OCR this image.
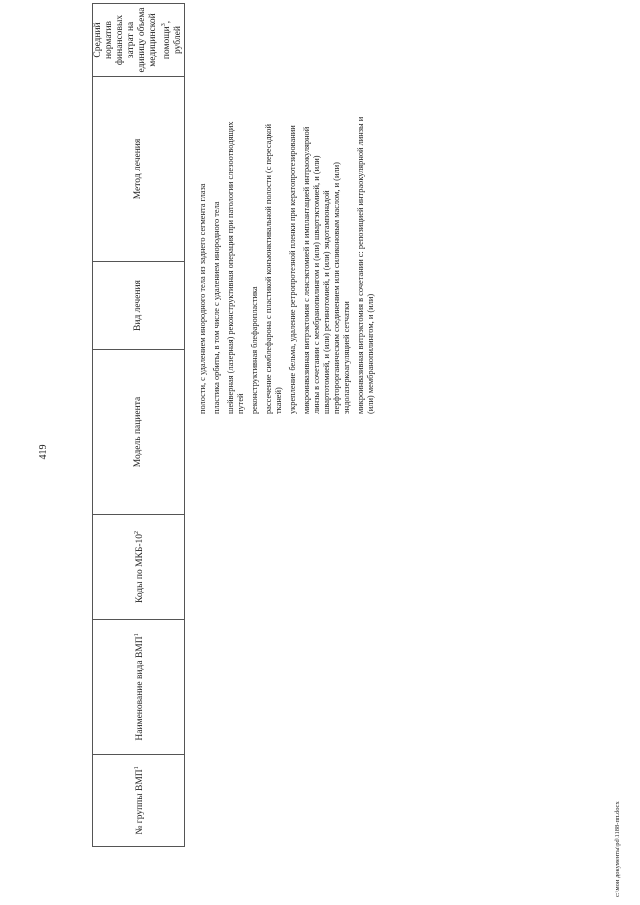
419
№ группы ВМП$^1$	Наименование вида ВМП$^1$	Коды по МКБ-$10^2$	Модель пациента	Вид лечения	Метод лечения	Средний норматив финансовых затрат на единицу объема медицинской помощи$^3$, рублей

полости, с удалением инородного тела из заднего сегмента глаза пластика орбиты, в том числе с удалением инородного тела шейверная (лазерная) реконструктивная операция при патологии слезоотводящих путей реконструктивная блефаропластика рассечение симблефарона с пластикой конъюнктивальной полости (с пересадкой тканей) укрепление бельма, удаление ретропротезной пленки при кератопротезировании микроинвазивная витрэктомия с ленсэктомией и имплантацией интраокулярной линзы в сочетании с мембранопилингом и (или) швартэктомией, и (или) швартотомией, и (или) ретинотомией, и (или) эндотампонадой перфторорганическим соединением или силиконовым маслом, и (или) эндолазеркоагуляцией сетчатки микроинвазивная витрэктомия в сочетании с: репозицией интраокулярной линзы и (или) мембранопилингом, и (или)

c:\мои документы\pd\1188-пп.docx
